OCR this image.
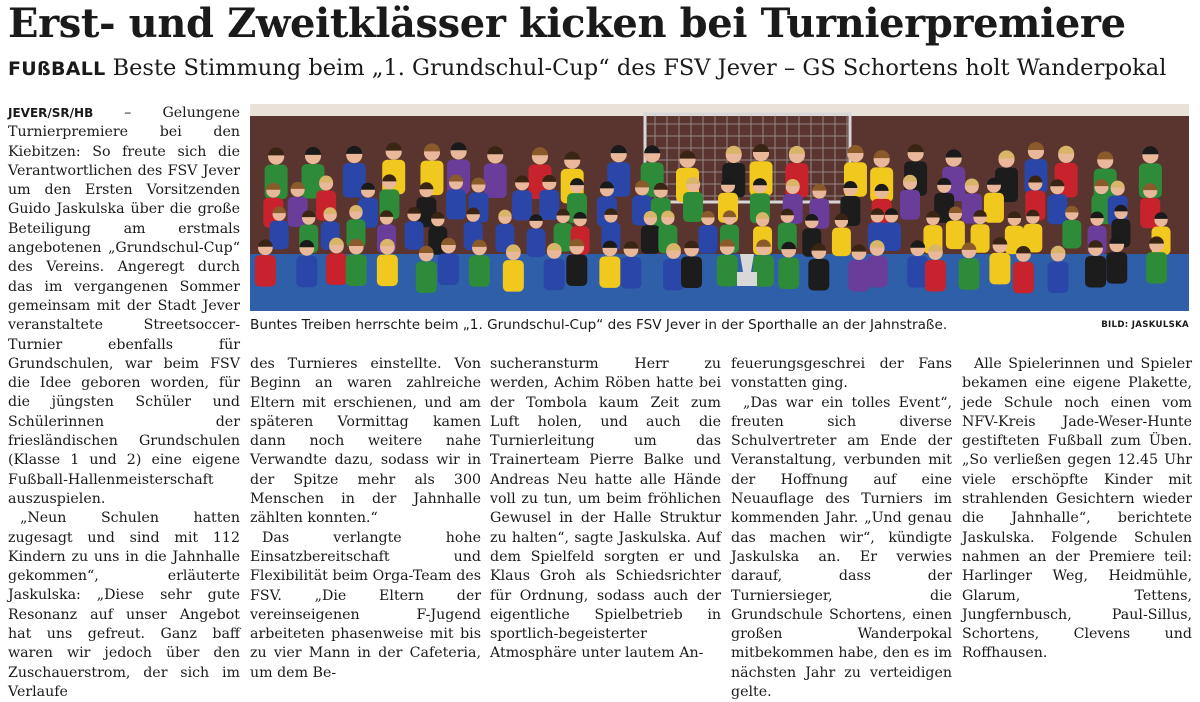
Erst- und Zweitklässer kicken bei Turnierpremiere
FUßBALL Beste Stimmung beim „1. Grundschul-Cup“ des FSV Jever – GS Schortens holt Wanderpokal

JEVER/SR/HB – Gelungene Turnierpremiere bei den Kiebitzen: So freute sich die Verantwortlichen des FSV Jever um den Ersten Vorsitzenden Guido Jaskulska über die große Beteiligung am erstmals angebotenen „Grundschul-Cup“ des Vereins. Angeregt durch das im vergangenen Sommer gemeinsam mit der Stadt Jever veranstaltete Streetsoccer-Turnier ebenfalls für Grundschulen, war beim FSV die Idee geboren worden, für die jüngsten Schüler und Schülerinnen der friesländischen Grundschulen (Klasse 1 und 2) eine eigene Fußball-Hallenmeisterschaft auszuspielen.

„Neun Schulen hatten zugesagt und sind mit 112 Kindern zu uns in die Jahnhalle gekommen“, erläuterte Jaskulska: „Diese sehr gute Resonanz auf unser Angebot hat uns gefreut. Ganz baff waren wir jedoch über den Zuschauerstrom, der sich im Verlaufe

Buntes Treiben herrschte beim „1. Grundschul-Cup“ des FSV Jever in der Sporthalle an der Jahnstraße.	BILD: JASKULSKA

des Turnieres einstellte. Von Beginn an waren zahlreiche Eltern mit erschienen, und am späteren Vormittag kamen dann noch weitere nahe Verwandte dazu, sodass wir in der Spitze mehr als 300 Menschen in der Jahnhalle zählten konnten.“

Das verlangte hohe Einsatzbereitschaft und Flexibilität beim Orga-Team des FSV. „Die Eltern der vereinseigenen F-Jugend arbeiteten phasenweise mit bis zu vier Mann in der Cafeteria, um dem Be-

sucheransturm Herr zu werden, Achim Röben hatte bei der Tombola kaum Zeit zum Luft holen, und auch die Turnierleitung um das Trainerteam Pierre Balke und Andreas Neu hatte alle Hände voll zu tun, um beim fröhlichen Gewusel in der Halle Struktur zu halten“, sagte Jaskulska. Auf dem Spielfeld sorgten er und Klaus Groh als Schiedsrichter für Ordnung, sodass auch der eigentliche Spielbetrieb in sportlich-begeisterter Atmosphäre unter lautem An-

feuerungsgeschrei der Fans vonstatten ging.

„Das war ein tolles Event“, freuten sich diverse Schulvertreter am Ende der Veranstaltung, verbunden mit der Hoffnung auf eine Neuauflage des Turniers im kommenden Jahr. „Und genau das machen wir“, kündigte Jaskulska an. Er verwies darauf, dass der Turniersieger, die Grundschule Schortens, einen großen Wanderpokal mitbekommen habe, den es im nächsten Jahr zu verteidigen gelte.

Alle Spielerinnen und Spieler bekamen eine eigene Plakette, jede Schule noch einen vom NFV-Kreis Jade-Weser-Hunte gestifteten Fußball zum Üben. „So verließen gegen 12.45 Uhr viele erschöpfte Kinder mit strahlenden Gesichtern wieder die Jahnhalle“, berichtete Jaskulska. Folgende Schulen nahmen an der Premiere teil: Harlinger Weg, Heidmühle, Glarum, Tettens, Jungfernbusch, Paul-Sillus, Schortens, Clevens und Roffhausen.
